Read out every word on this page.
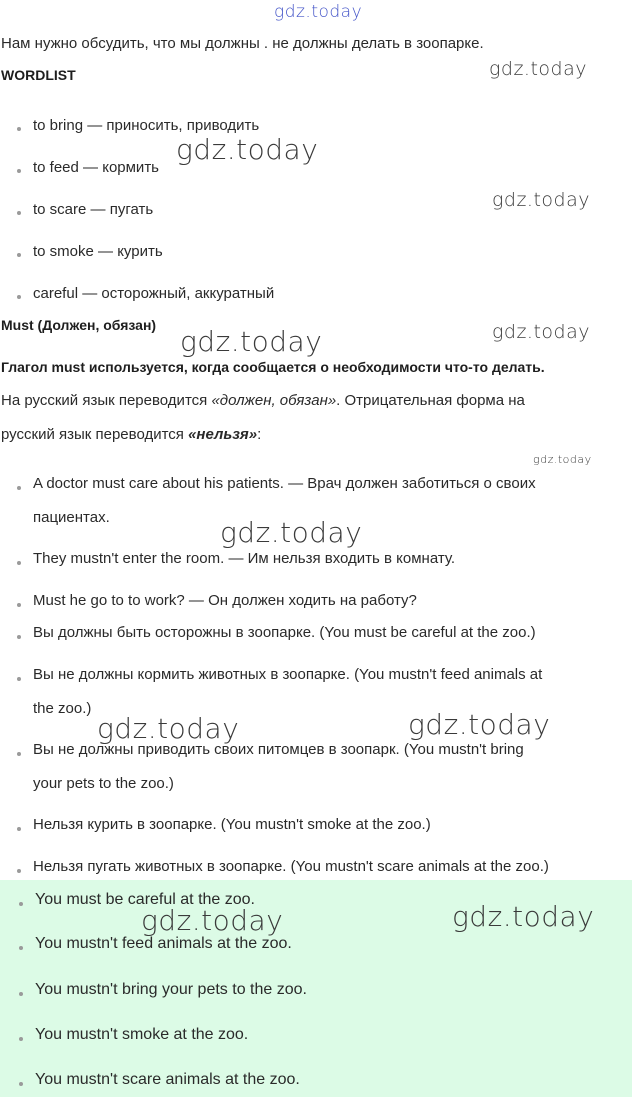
gdz.today
Нам нужно обсудить, что мы должны . не должны делать в зоопарке.
WORDLIST
to bring — приносить, приводить
to feed — кормить
to scare — пугать
to smoke — курить
careful — осторожный, аккуратный
Must (Должен, обязан)
Глагол must используется, когда сообщается о необходимости что-то делать.
На русский язык переводится «должен, обязан». Отрицательная форма на
русский язык переводится «нельзя»:
A doctor must care about his patients. — Врач должен заботиться о своих
пациентах.
They mustn't enter the room. — Им нельзя входить в комнату.
Must he go to to work? — Он должен ходить на работу?
Вы должны быть осторожны в зоопарке. (You must be careful at the zoo.)
Вы не должны кормить животных в зоопарке. (You mustn't feed animals at
the zoo.)
Вы не должны приводить своих питомцев в зоопарк. (You mustn't bring
your pets to the zoo.)
Нельзя курить в зоопарке. (You mustn't smoke at the zoo.)
Нельзя пугать животных в зоопарке. (You mustn't scare animals at the zoo.)
You must be careful at the zoo.
You mustn't feed animals at the zoo.
You mustn't bring your pets to the zoo.
You mustn't smoke at the zoo.
You mustn't scare animals at the zoo.
gdz.today
gdz.today
gdz.today
gdz.today
gdz.today
gdz.today
gdz.today
gdz.today	gdz.today
gdz.today	gdz.today
